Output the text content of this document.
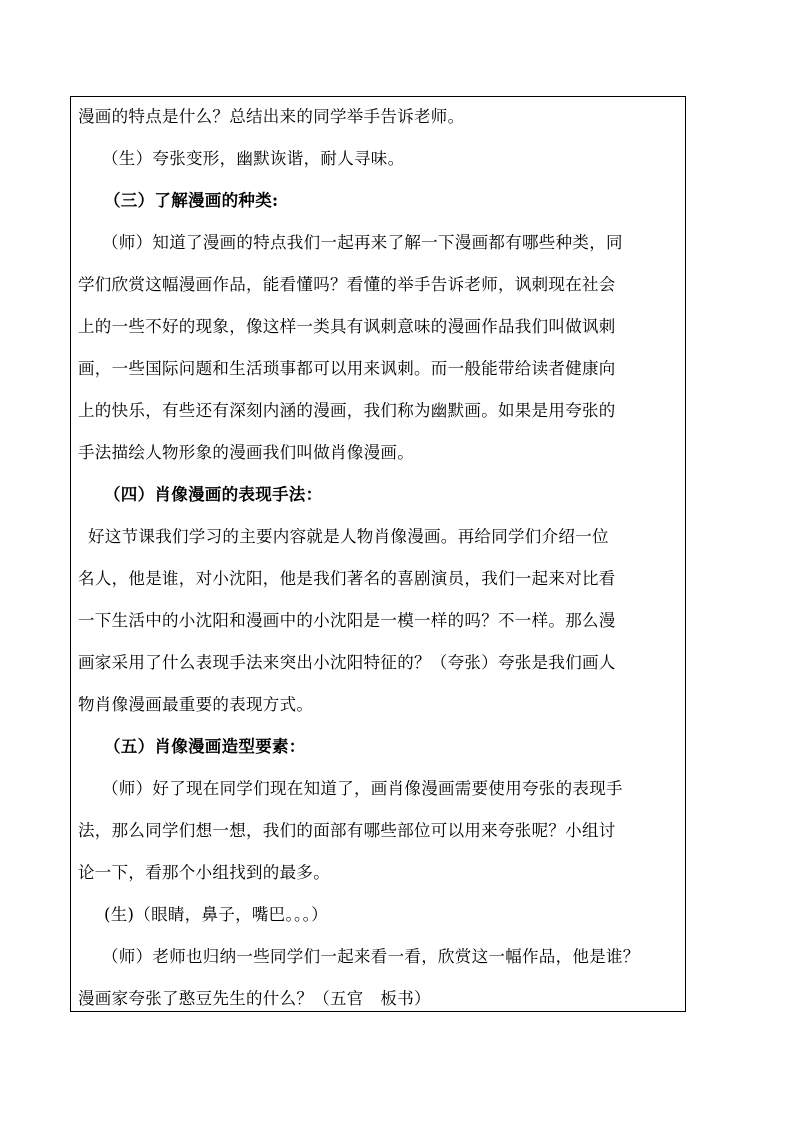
漫画的特点是什么？总结出来的同学举手告诉老师。
（生）夸张变形，幽默诙谐，耐人寻味。
（三）了解漫画的种类:
（师）知道了漫画的特点我们一起再来了解一下漫画都有哪些种类，同
学们欣赏这幅漫画作品，能看懂吗？看懂的举手告诉老师，讽刺现在社会
上的一些不好的现象，像这样一类具有讽刺意味的漫画作品我们叫做讽刺
画，一些国际问题和生活琐事都可以用来讽刺。而一般能带给读者健康向
上的快乐，有些还有深刻内涵的漫画，我们称为幽默画。如果是用夸张的
手法描绘人物形象的漫画我们叫做肖像漫画。
（四）肖像漫画的表现手法：
好这节课我们学习的主要内容就是人物肖像漫画。再给同学们介绍一位
名人，他是谁，对小沈阳，他是我们著名的喜剧演员，我们一起来对比看
一下生活中的小沈阳和漫画中的小沈阳是一模一样的吗？不一样。那么漫
画家采用了什么表现手法来突出小沈阳特征的？（夸张）夸张是我们画人
物肖像漫画最重要的表现方式。
（五）肖像漫画造型要素：
（师）好了现在同学们现在知道了，画肖像漫画需要使用夸张的表现手
法，那么同学们想一想，我们的面部有哪些部位可以用来夸张呢？小组讨
论一下，看那个小组找到的最多。
(生)（眼睛，鼻子，嘴巴。。。）
（师）老师也归纳一些同学们一起来看一看，欣赏这一幅作品，他是谁？
漫画家夸张了憨豆先生的什么？（五官　板书）
